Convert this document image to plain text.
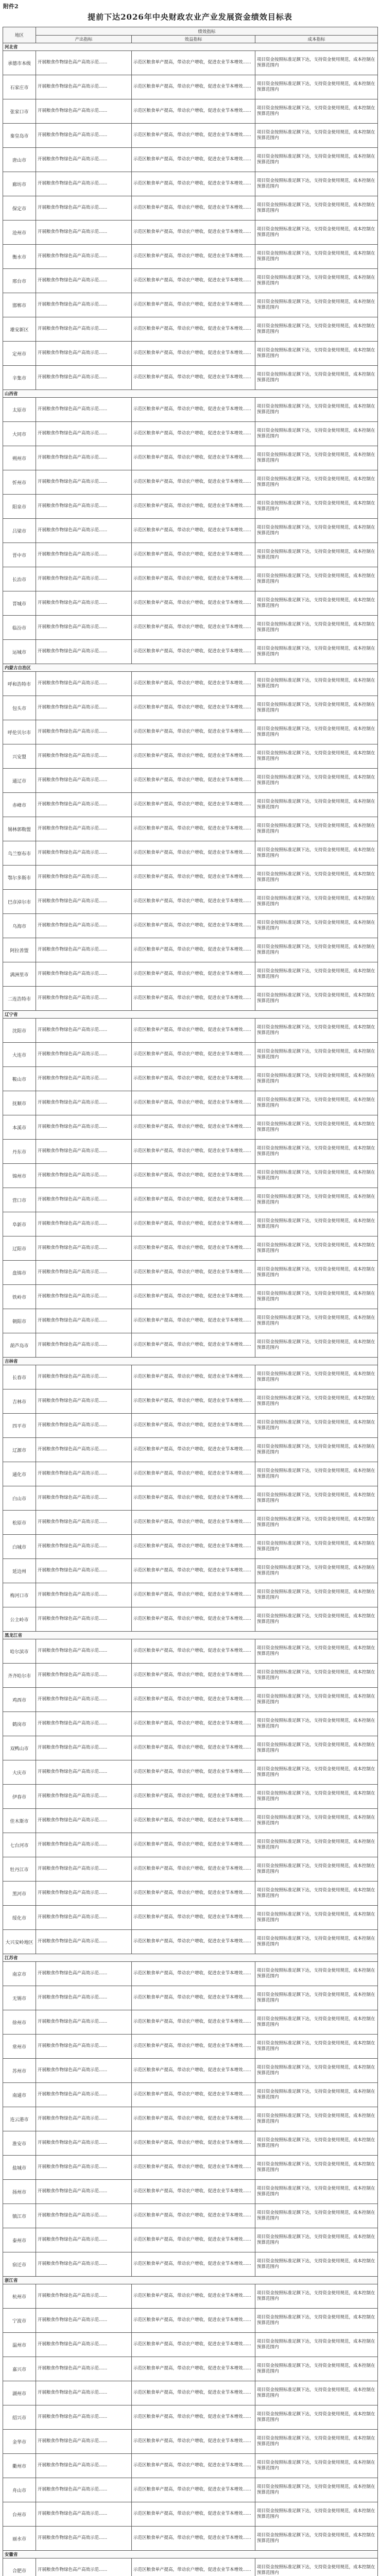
附件2
提前下达2026年中央财政农业产业发展资金绩效目标表
地区	绩效指标		
	产出指标	效益指标	成本指标
河北省			
承德市本级	开展粮食作物绿色高产高效示范......	示范区粮食单产提高，带动农户增收，促进农业节本增效......	项目资金按照标准足额下达，支持资金使用规范，成本控制在预算范围内
石家庄市	开展粮食作物绿色高产高效示范......	示范区粮食单产提高，带动农户增收，促进农业节本增效......	项目资金按照标准足额下达，支持资金使用规范，成本控制在预算范围内
张家口市	开展粮食作物绿色高产高效示范......	示范区粮食单产提高，带动农户增收，促进农业节本增效......	项目资金按照标准足额下达，支持资金使用规范，成本控制在预算范围内
秦皇岛市	开展粮食作物绿色高产高效示范......	示范区粮食单产提高，带动农户增收，促进农业节本增效......	项目资金按照标准足额下达，支持资金使用规范，成本控制在预算范围内
唐山市	开展粮食作物绿色高产高效示范......	示范区粮食单产提高，带动农户增收，促进农业节本增效......	项目资金按照标准足额下达，支持资金使用规范，成本控制在预算范围内
廊坊市	开展粮食作物绿色高产高效示范......	示范区粮食单产提高，带动农户增收，促进农业节本增效......	项目资金按照标准足额下达，支持资金使用规范，成本控制在预算范围内
保定市	开展粮食作物绿色高产高效示范......	示范区粮食单产提高，带动农户增收，促进农业节本增效......	项目资金按照标准足额下达，支持资金使用规范，成本控制在预算范围内
沧州市	开展粮食作物绿色高产高效示范......	示范区粮食单产提高，带动农户增收，促进农业节本增效......	项目资金按照标准足额下达，支持资金使用规范，成本控制在预算范围内
衡水市	开展粮食作物绿色高产高效示范......	示范区粮食单产提高，带动农户增收，促进农业节本增效......	项目资金按照标准足额下达，支持资金使用规范，成本控制在预算范围内
邢台市	开展粮食作物绿色高产高效示范......	示范区粮食单产提高，带动农户增收，促进农业节本增效......	项目资金按照标准足额下达，支持资金使用规范，成本控制在预算范围内
邯郸市	开展粮食作物绿色高产高效示范......	示范区粮食单产提高，带动农户增收，促进农业节本增效......	项目资金按照标准足额下达，支持资金使用规范，成本控制在预算范围内
雄安新区	开展粮食作物绿色高产高效示范......	示范区粮食单产提高，带动农户增收，促进农业节本增效......	项目资金按照标准足额下达，支持资金使用规范，成本控制在预算范围内
定州市	开展粮食作物绿色高产高效示范......	示范区粮食单产提高，带动农户增收，促进农业节本增效......	项目资金按照标准足额下达，支持资金使用规范，成本控制在预算范围内
辛集市	开展粮食作物绿色高产高效示范......	示范区粮食单产提高，带动农户增收，促进农业节本增效......	项目资金按照标准足额下达，支持资金使用规范，成本控制在预算范围内
山西省			
太原市	开展粮食作物绿色高产高效示范......	示范区粮食单产提高，带动农户增收，促进农业节本增效......	项目资金按照标准足额下达，支持资金使用规范，成本控制在预算范围内
大同市	开展粮食作物绿色高产高效示范......	示范区粮食单产提高，带动农户增收，促进农业节本增效......	项目资金按照标准足额下达，支持资金使用规范，成本控制在预算范围内
朔州市	开展粮食作物绿色高产高效示范......	示范区粮食单产提高，带动农户增收，促进农业节本增效......	项目资金按照标准足额下达，支持资金使用规范，成本控制在预算范围内
忻州市	开展粮食作物绿色高产高效示范......	示范区粮食单产提高，带动农户增收，促进农业节本增效......	项目资金按照标准足额下达，支持资金使用规范，成本控制在预算范围内
阳泉市	开展粮食作物绿色高产高效示范......	示范区粮食单产提高，带动农户增收，促进农业节本增效......	项目资金按照标准足额下达，支持资金使用规范，成本控制在预算范围内
吕梁市	开展粮食作物绿色高产高效示范......	示范区粮食单产提高，带动农户增收，促进农业节本增效......	项目资金按照标准足额下达，支持资金使用规范，成本控制在预算范围内
晋中市	开展粮食作物绿色高产高效示范......	示范区粮食单产提高，带动农户增收，促进农业节本增效......	项目资金按照标准足额下达，支持资金使用规范，成本控制在预算范围内
长治市	开展粮食作物绿色高产高效示范......	示范区粮食单产提高，带动农户增收，促进农业节本增效......	项目资金按照标准足额下达，支持资金使用规范，成本控制在预算范围内
晋城市	开展粮食作物绿色高产高效示范......	示范区粮食单产提高，带动农户增收，促进农业节本增效......	项目资金按照标准足额下达，支持资金使用规范，成本控制在预算范围内
临汾市	开展粮食作物绿色高产高效示范......	示范区粮食单产提高，带动农户增收，促进农业节本增效......	项目资金按照标准足额下达，支持资金使用规范，成本控制在预算范围内
运城市	开展粮食作物绿色高产高效示范......	示范区粮食单产提高，带动农户增收，促进农业节本增效......	项目资金按照标准足额下达，支持资金使用规范，成本控制在预算范围内
内蒙古自治区			
呼和浩特市	开展粮食作物绿色高产高效示范......	示范区粮食单产提高，带动农户增收，促进农业节本增效......	项目资金按照标准足额下达，支持资金使用规范，成本控制在预算范围内
包头市	开展粮食作物绿色高产高效示范......	示范区粮食单产提高，带动农户增收，促进农业节本增效......	项目资金按照标准足额下达，支持资金使用规范，成本控制在预算范围内
呼伦贝尔市	开展粮食作物绿色高产高效示范......	示范区粮食单产提高，带动农户增收，促进农业节本增效......	项目资金按照标准足额下达，支持资金使用规范，成本控制在预算范围内
兴安盟	开展粮食作物绿色高产高效示范......	示范区粮食单产提高，带动农户增收，促进农业节本增效......	项目资金按照标准足额下达，支持资金使用规范，成本控制在预算范围内
通辽市	开展粮食作物绿色高产高效示范......	示范区粮食单产提高，带动农户增收，促进农业节本增效......	项目资金按照标准足额下达，支持资金使用规范，成本控制在预算范围内
赤峰市	开展粮食作物绿色高产高效示范......	示范区粮食单产提高，带动农户增收，促进农业节本增效......	项目资金按照标准足额下达，支持资金使用规范，成本控制在预算范围内
锡林郭勒盟	开展粮食作物绿色高产高效示范......	示范区粮食单产提高，带动农户增收，促进农业节本增效......	项目资金按照标准足额下达，支持资金使用规范，成本控制在预算范围内
乌兰察布市	开展粮食作物绿色高产高效示范......	示范区粮食单产提高，带动农户增收，促进农业节本增效......	项目资金按照标准足额下达，支持资金使用规范，成本控制在预算范围内
鄂尔多斯市	开展粮食作物绿色高产高效示范......	示范区粮食单产提高，带动农户增收，促进农业节本增效......	项目资金按照标准足额下达，支持资金使用规范，成本控制在预算范围内
巴彦淖尔市	开展粮食作物绿色高产高效示范......	示范区粮食单产提高，带动农户增收，促进农业节本增效......	项目资金按照标准足额下达，支持资金使用规范，成本控制在预算范围内
乌海市	开展粮食作物绿色高产高效示范......	示范区粮食单产提高，带动农户增收，促进农业节本增效......	项目资金按照标准足额下达，支持资金使用规范，成本控制在预算范围内
阿拉善盟	开展粮食作物绿色高产高效示范......	示范区粮食单产提高，带动农户增收，促进农业节本增效......	项目资金按照标准足额下达，支持资金使用规范，成本控制在预算范围内
满洲里市	开展粮食作物绿色高产高效示范......	示范区粮食单产提高，带动农户增收，促进农业节本增效......	项目资金按照标准足额下达，支持资金使用规范，成本控制在预算范围内
二连浩特市	开展粮食作物绿色高产高效示范......	示范区粮食单产提高，带动农户增收，促进农业节本增效......	项目资金按照标准足额下达，支持资金使用规范，成本控制在预算范围内
辽宁省			
沈阳市	开展粮食作物绿色高产高效示范......	示范区粮食单产提高，带动农户增收，促进农业节本增效......	项目资金按照标准足额下达，支持资金使用规范，成本控制在预算范围内
大连市	开展粮食作物绿色高产高效示范......	示范区粮食单产提高，带动农户增收，促进农业节本增效......	项目资金按照标准足额下达，支持资金使用规范，成本控制在预算范围内
鞍山市	开展粮食作物绿色高产高效示范......	示范区粮食单产提高，带动农户增收，促进农业节本增效......	项目资金按照标准足额下达，支持资金使用规范，成本控制在预算范围内
抚顺市	开展粮食作物绿色高产高效示范......	示范区粮食单产提高，带动农户增收，促进农业节本增效......	项目资金按照标准足额下达，支持资金使用规范，成本控制在预算范围内
本溪市	开展粮食作物绿色高产高效示范......	示范区粮食单产提高，带动农户增收，促进农业节本增效......	项目资金按照标准足额下达，支持资金使用规范，成本控制在预算范围内
丹东市	开展粮食作物绿色高产高效示范......	示范区粮食单产提高，带动农户增收，促进农业节本增效......	项目资金按照标准足额下达，支持资金使用规范，成本控制在预算范围内
锦州市	开展粮食作物绿色高产高效示范......	示范区粮食单产提高，带动农户增收，促进农业节本增效......	项目资金按照标准足额下达，支持资金使用规范，成本控制在预算范围内
营口市	开展粮食作物绿色高产高效示范......	示范区粮食单产提高，带动农户增收，促进农业节本增效......	项目资金按照标准足额下达，支持资金使用规范，成本控制在预算范围内
阜新市	开展粮食作物绿色高产高效示范......	示范区粮食单产提高，带动农户增收，促进农业节本增效......	项目资金按照标准足额下达，支持资金使用规范，成本控制在预算范围内
辽阳市	开展粮食作物绿色高产高效示范......	示范区粮食单产提高，带动农户增收，促进农业节本增效......	项目资金按照标准足额下达，支持资金使用规范，成本控制在预算范围内
盘锦市	开展粮食作物绿色高产高效示范......	示范区粮食单产提高，带动农户增收，促进农业节本增效......	项目资金按照标准足额下达，支持资金使用规范，成本控制在预算范围内
铁岭市	开展粮食作物绿色高产高效示范......	示范区粮食单产提高，带动农户增收，促进农业节本增效......	项目资金按照标准足额下达，支持资金使用规范，成本控制在预算范围内
朝阳市	开展粮食作物绿色高产高效示范......	示范区粮食单产提高，带动农户增收，促进农业节本增效......	项目资金按照标准足额下达，支持资金使用规范，成本控制在预算范围内
葫芦岛市	开展粮食作物绿色高产高效示范......	示范区粮食单产提高，带动农户增收，促进农业节本增效......	项目资金按照标准足额下达，支持资金使用规范，成本控制在预算范围内
吉林省			
长春市	开展粮食作物绿色高产高效示范......	示范区粮食单产提高，带动农户增收，促进农业节本增效......	项目资金按照标准足额下达，支持资金使用规范，成本控制在预算范围内
吉林市	开展粮食作物绿色高产高效示范......	示范区粮食单产提高，带动农户增收，促进农业节本增效......	项目资金按照标准足额下达，支持资金使用规范，成本控制在预算范围内
四平市	开展粮食作物绿色高产高效示范......	示范区粮食单产提高，带动农户增收，促进农业节本增效......	项目资金按照标准足额下达，支持资金使用规范，成本控制在预算范围内
辽源市	开展粮食作物绿色高产高效示范......	示范区粮食单产提高，带动农户增收，促进农业节本增效......	项目资金按照标准足额下达，支持资金使用规范，成本控制在预算范围内
通化市	开展粮食作物绿色高产高效示范......	示范区粮食单产提高，带动农户增收，促进农业节本增效......	项目资金按照标准足额下达，支持资金使用规范，成本控制在预算范围内
白山市	开展粮食作物绿色高产高效示范......	示范区粮食单产提高，带动农户增收，促进农业节本增效......	项目资金按照标准足额下达，支持资金使用规范，成本控制在预算范围内
松原市	开展粮食作物绿色高产高效示范......	示范区粮食单产提高，带动农户增收，促进农业节本增效......	项目资金按照标准足额下达，支持资金使用规范，成本控制在预算范围内
白城市	开展粮食作物绿色高产高效示范......	示范区粮食单产提高，带动农户增收，促进农业节本增效......	项目资金按照标准足额下达，支持资金使用规范，成本控制在预算范围内
延边州	开展粮食作物绿色高产高效示范......	示范区粮食单产提高，带动农户增收，促进农业节本增效......	项目资金按照标准足额下达，支持资金使用规范，成本控制在预算范围内
梅河口市	开展粮食作物绿色高产高效示范......	示范区粮食单产提高，带动农户增收，促进农业节本增效......	项目资金按照标准足额下达，支持资金使用规范，成本控制在预算范围内
公主岭市	开展粮食作物绿色高产高效示范......	示范区粮食单产提高，带动农户增收，促进农业节本增效......	项目资金按照标准足额下达，支持资金使用规范，成本控制在预算范围内
黑龙江省			
哈尔滨市	开展粮食作物绿色高产高效示范......	示范区粮食单产提高，带动农户增收，促进农业节本增效......	项目资金按照标准足额下达，支持资金使用规范，成本控制在预算范围内
齐齐哈尔市	开展粮食作物绿色高产高效示范......	示范区粮食单产提高，带动农户增收，促进农业节本增效......	项目资金按照标准足额下达，支持资金使用规范，成本控制在预算范围内
鸡西市	开展粮食作物绿色高产高效示范......	示范区粮食单产提高，带动农户增收，促进农业节本增效......	项目资金按照标准足额下达，支持资金使用规范，成本控制在预算范围内
鹤岗市	开展粮食作物绿色高产高效示范......	示范区粮食单产提高，带动农户增收，促进农业节本增效......	项目资金按照标准足额下达，支持资金使用规范，成本控制在预算范围内
双鸭山市	开展粮食作物绿色高产高效示范......	示范区粮食单产提高，带动农户增收，促进农业节本增效......	项目资金按照标准足额下达，支持资金使用规范，成本控制在预算范围内
大庆市	开展粮食作物绿色高产高效示范......	示范区粮食单产提高，带动农户增收，促进农业节本增效......	项目资金按照标准足额下达，支持资金使用规范，成本控制在预算范围内
伊春市	开展粮食作物绿色高产高效示范......	示范区粮食单产提高，带动农户增收，促进农业节本增效......	项目资金按照标准足额下达，支持资金使用规范，成本控制在预算范围内
佳木斯市	开展粮食作物绿色高产高效示范......	示范区粮食单产提高，带动农户增收，促进农业节本增效......	项目资金按照标准足额下达，支持资金使用规范，成本控制在预算范围内
七台河市	开展粮食作物绿色高产高效示范......	示范区粮食单产提高，带动农户增收，促进农业节本增效......	项目资金按照标准足额下达，支持资金使用规范，成本控制在预算范围内
牡丹江市	开展粮食作物绿色高产高效示范......	示范区粮食单产提高，带动农户增收，促进农业节本增效......	项目资金按照标准足额下达，支持资金使用规范，成本控制在预算范围内
黑河市	开展粮食作物绿色高产高效示范......	示范区粮食单产提高，带动农户增收，促进农业节本增效......	项目资金按照标准足额下达，支持资金使用规范，成本控制在预算范围内
绥化市	开展粮食作物绿色高产高效示范......	示范区粮食单产提高，带动农户增收，促进农业节本增效......	项目资金按照标准足额下达，支持资金使用规范，成本控制在预算范围内
大兴安岭地区	开展粮食作物绿色高产高效示范......	示范区粮食单产提高，带动农户增收，促进农业节本增效......	项目资金按照标准足额下达，支持资金使用规范，成本控制在预算范围内
江苏省			
南京市	开展粮食作物绿色高产高效示范......	示范区粮食单产提高，带动农户增收，促进农业节本增效......	项目资金按照标准足额下达，支持资金使用规范，成本控制在预算范围内
无锡市	开展粮食作物绿色高产高效示范......	示范区粮食单产提高，带动农户增收，促进农业节本增效......	项目资金按照标准足额下达，支持资金使用规范，成本控制在预算范围内
徐州市	开展粮食作物绿色高产高效示范......	示范区粮食单产提高，带动农户增收，促进农业节本增效......	项目资金按照标准足额下达，支持资金使用规范，成本控制在预算范围内
常州市	开展粮食作物绿色高产高效示范......	示范区粮食单产提高，带动农户增收，促进农业节本增效......	项目资金按照标准足额下达，支持资金使用规范，成本控制在预算范围内
苏州市	开展粮食作物绿色高产高效示范......	示范区粮食单产提高，带动农户增收，促进农业节本增效......	项目资金按照标准足额下达，支持资金使用规范，成本控制在预算范围内
南通市	开展粮食作物绿色高产高效示范......	示范区粮食单产提高，带动农户增收，促进农业节本增效......	项目资金按照标准足额下达，支持资金使用规范，成本控制在预算范围内
连云港市	开展粮食作物绿色高产高效示范......	示范区粮食单产提高，带动农户增收，促进农业节本增效......	项目资金按照标准足额下达，支持资金使用规范，成本控制在预算范围内
淮安市	开展粮食作物绿色高产高效示范......	示范区粮食单产提高，带动农户增收，促进农业节本增效......	项目资金按照标准足额下达，支持资金使用规范，成本控制在预算范围内
盐城市	开展粮食作物绿色高产高效示范......	示范区粮食单产提高，带动农户增收，促进农业节本增效......	项目资金按照标准足额下达，支持资金使用规范，成本控制在预算范围内
扬州市	开展粮食作物绿色高产高效示范......	示范区粮食单产提高，带动农户增收，促进农业节本增效......	项目资金按照标准足额下达，支持资金使用规范，成本控制在预算范围内
镇江市	开展粮食作物绿色高产高效示范......	示范区粮食单产提高，带动农户增收，促进农业节本增效......	项目资金按照标准足额下达，支持资金使用规范，成本控制在预算范围内
泰州市	开展粮食作物绿色高产高效示范......	示范区粮食单产提高，带动农户增收，促进农业节本增效......	项目资金按照标准足额下达，支持资金使用规范，成本控制在预算范围内
宿迁市	开展粮食作物绿色高产高效示范......	示范区粮食单产提高，带动农户增收，促进农业节本增效......	项目资金按照标准足额下达，支持资金使用规范，成本控制在预算范围内
浙江省			
杭州市	开展粮食作物绿色高产高效示范......	示范区粮食单产提高，带动农户增收，促进农业节本增效......	项目资金按照标准足额下达，支持资金使用规范，成本控制在预算范围内
宁波市	开展粮食作物绿色高产高效示范......	示范区粮食单产提高，带动农户增收，促进农业节本增效......	项目资金按照标准足额下达，支持资金使用规范，成本控制在预算范围内
温州市	开展粮食作物绿色高产高效示范......	示范区粮食单产提高，带动农户增收，促进农业节本增效......	项目资金按照标准足额下达，支持资金使用规范，成本控制在预算范围内
嘉兴市	开展粮食作物绿色高产高效示范......	示范区粮食单产提高，带动农户增收，促进农业节本增效......	项目资金按照标准足额下达，支持资金使用规范，成本控制在预算范围内
湖州市	开展粮食作物绿色高产高效示范......	示范区粮食单产提高，带动农户增收，促进农业节本增效......	项目资金按照标准足额下达，支持资金使用规范，成本控制在预算范围内
绍兴市	开展粮食作物绿色高产高效示范......	示范区粮食单产提高，带动农户增收，促进农业节本增效......	项目资金按照标准足额下达，支持资金使用规范，成本控制在预算范围内
金华市	开展粮食作物绿色高产高效示范......	示范区粮食单产提高，带动农户增收，促进农业节本增效......	项目资金按照标准足额下达，支持资金使用规范，成本控制在预算范围内
衢州市	开展粮食作物绿色高产高效示范......	示范区粮食单产提高，带动农户增收，促进农业节本增效......	项目资金按照标准足额下达，支持资金使用规范，成本控制在预算范围内
舟山市	开展粮食作物绿色高产高效示范......	示范区粮食单产提高，带动农户增收，促进农业节本增效......	项目资金按照标准足额下达，支持资金使用规范，成本控制在预算范围内
台州市	开展粮食作物绿色高产高效示范......	示范区粮食单产提高，带动农户增收，促进农业节本增效......	项目资金按照标准足额下达，支持资金使用规范，成本控制在预算范围内
丽水市	开展粮食作物绿色高产高效示范......	示范区粮食单产提高，带动农户增收，促进农业节本增效......	项目资金按照标准足额下达，支持资金使用规范，成本控制在预算范围内
安徽省			
合肥市	开展粮食作物绿色高产高效示范......	示范区粮食单产提高，带动农户增收，促进农业节本增效......	项目资金按照标准足额下达，支持资金使用规范，成本控制在预算范围内
